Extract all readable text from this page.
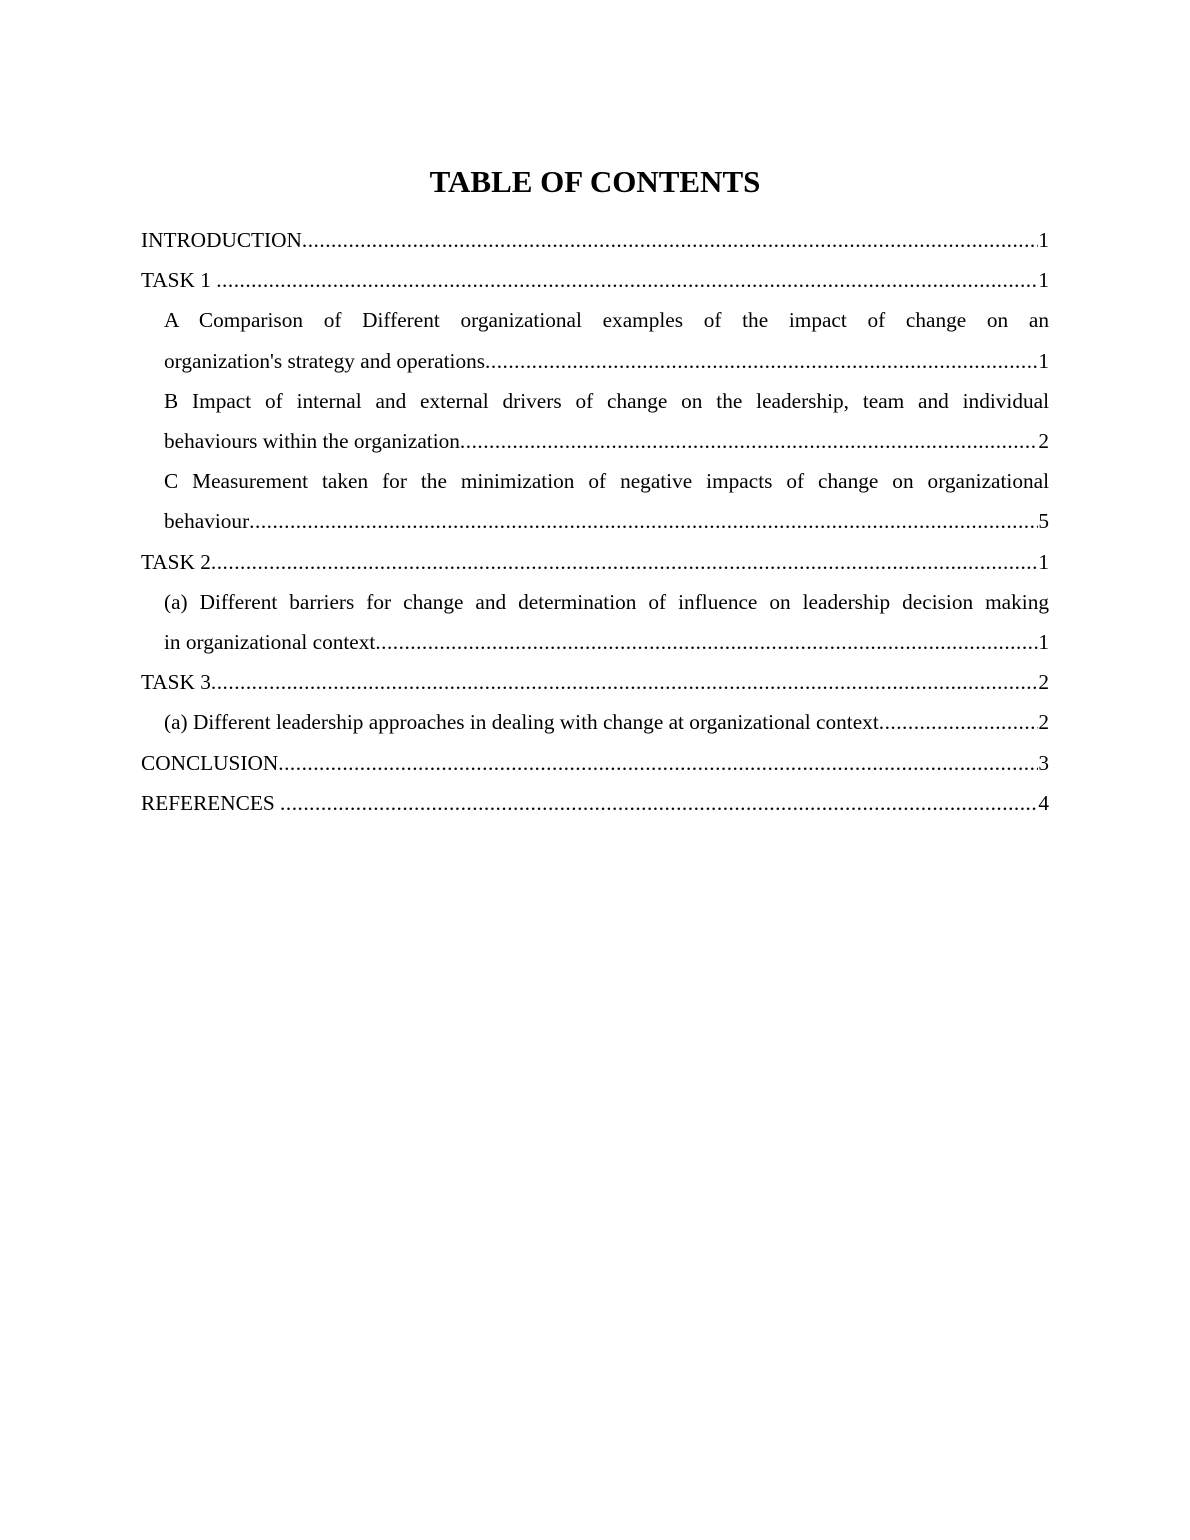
TABLE OF CONTENTS
INTRODUCTION .....	1
TASK 1 .....	1
A Comparison of Different organizational examples of the impact of change on an
organization's strategy and operations .....	1
B Impact of internal and external drivers of change on the leadership, team and individual
behaviours within the organization .....	2
C Measurement taken for the minimization of negative impacts of change on organizational
behaviour .....	5
TASK 2 .....	1
(a) Different barriers for change and determination of influence on leadership decision making
in organizational context .....	1
TASK 3 .....	2
(a) Different leadership approaches in dealing with change at organizational context .....	2
CONCLUSION .....	3
REFERENCES .....	4
